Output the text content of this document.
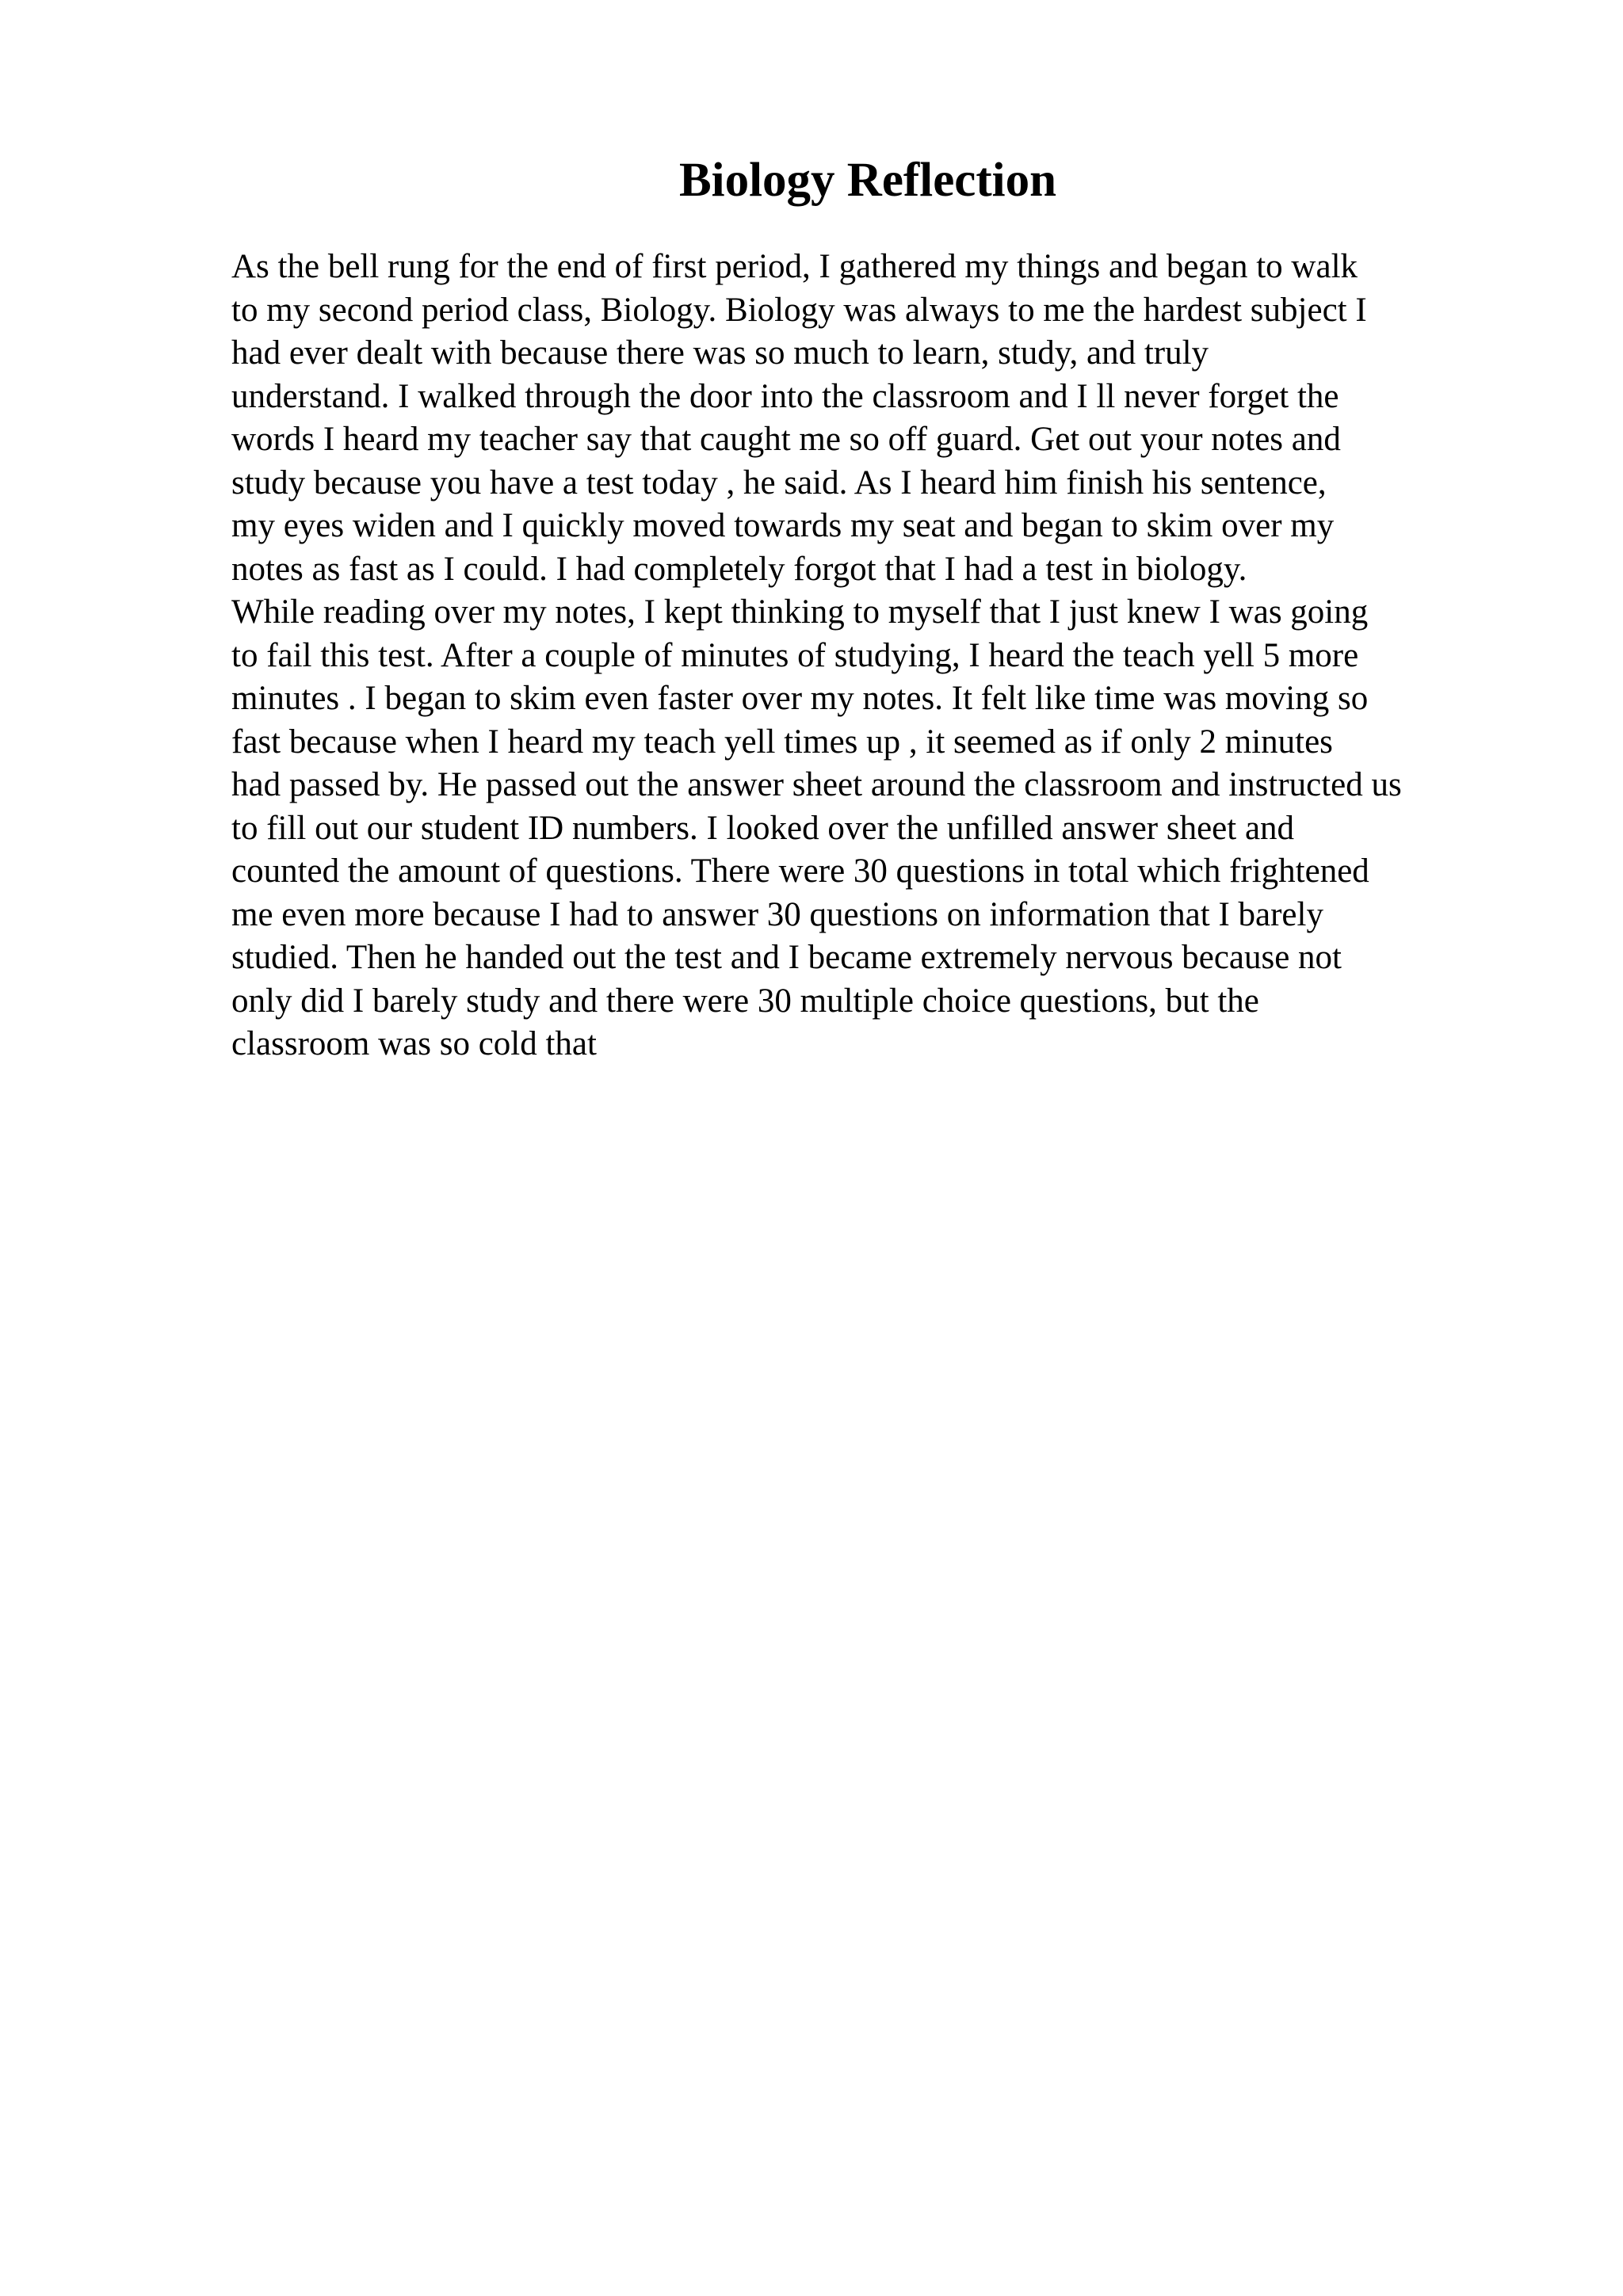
Biology Reflection
As the bell rung for the end of first period, I gathered my things and began to walk
to my second period class, Biology. Biology was always to me the hardest subject I
had ever dealt with because there was so much to learn, study, and truly
understand. I walked through the door into the classroom and I ll never forget the
words I heard my teacher say that caught me so off guard. Get out your notes and
study because you have a test today , he said. As I heard him finish his sentence,
my eyes widen and I quickly moved towards my seat and began to skim over my
notes as fast as I could. I had completely forgot that I had a test in biology.
While reading over my notes, I kept thinking to myself that I just knew I was going
to fail this test. After a couple of minutes of studying, I heard the teach yell 5 more
minutes . I began to skim even faster over my notes. It felt like time was moving so
fast because when I heard my teach yell times up , it seemed as if only 2 minutes
had passed by. He passed out the answer sheet around the classroom and instructed us
to fill out our student ID numbers. I looked over the unfilled answer sheet and
counted the amount of questions. There were 30 questions in total which frightened
me even more because I had to answer 30 questions on information that I barely
studied. Then he handed out the test and I became extremely nervous because not
only did I barely study and there were 30 multiple choice questions, but the
classroom was so cold that
